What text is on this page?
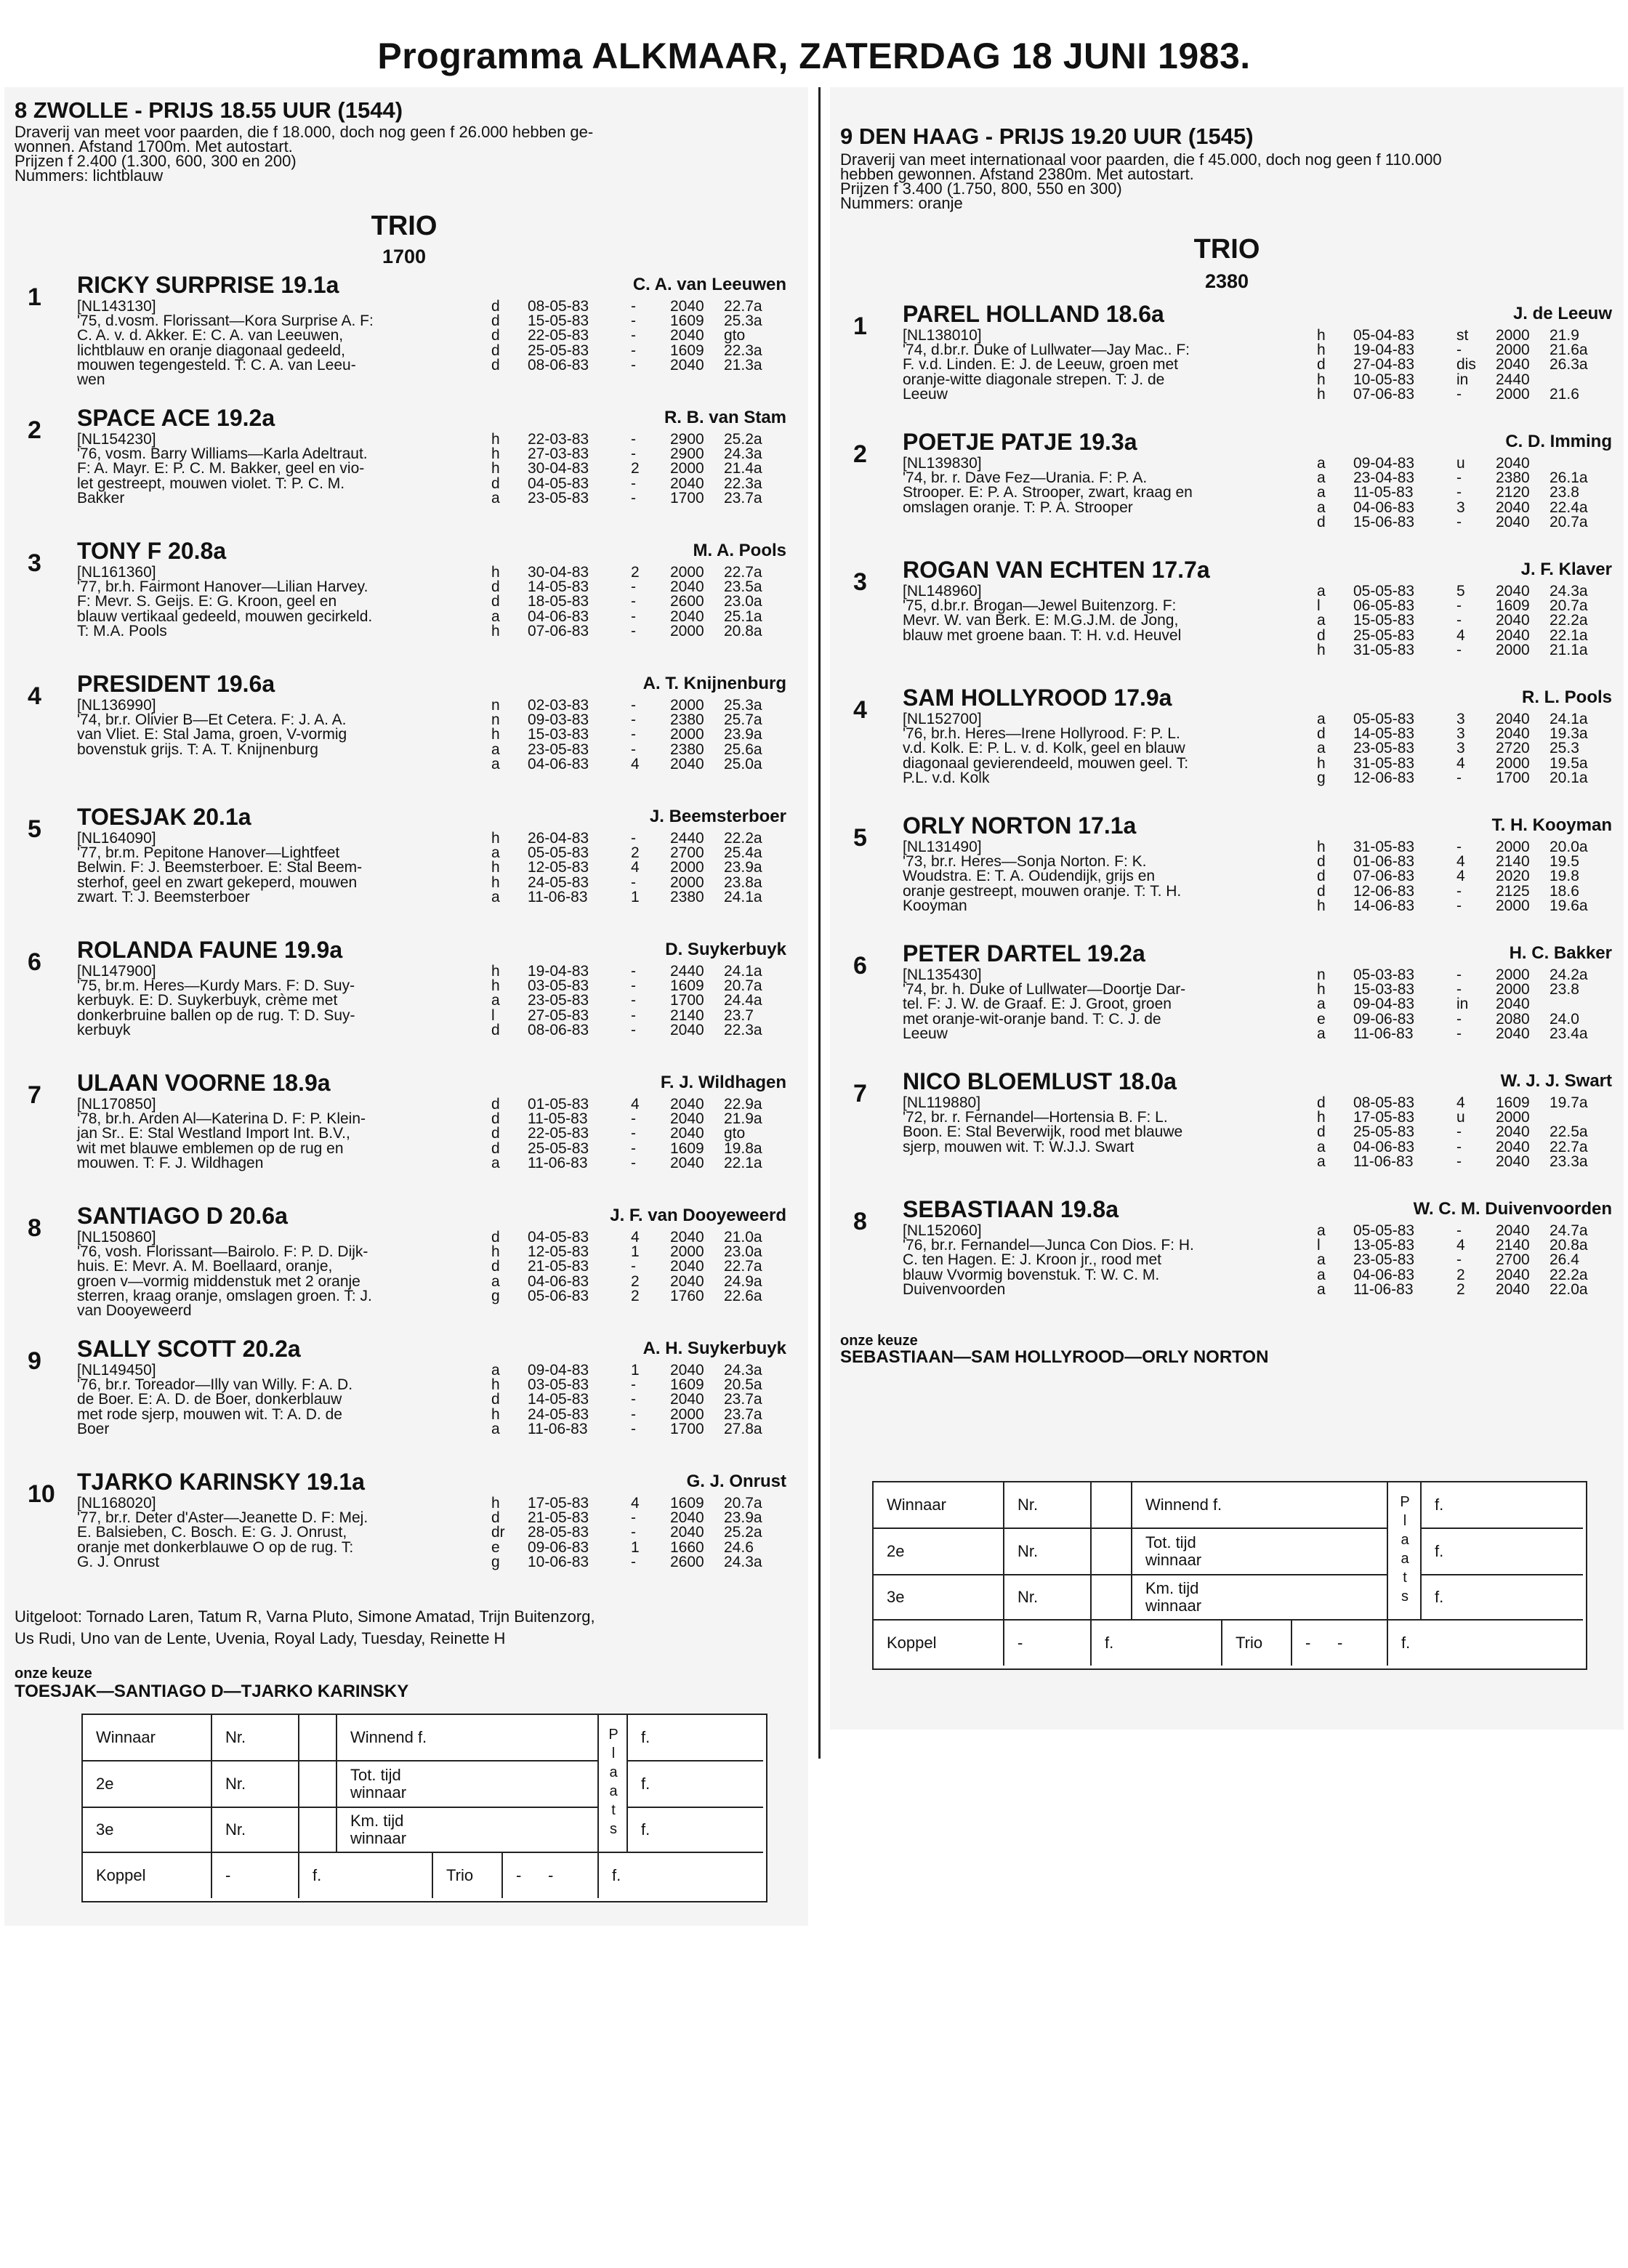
Programma ALKMAAR, ZATERDAG 18 JUNI 1983.
8 ZWOLLE - PRIJS 18.55 UUR (1544)
Draverij van meet voor paarden, die f 18.000, doch nog geen f 26.000 hebben ge-
wonnen. Afstand 1700m. Met autostart.
Prijzen f 2.400 (1.300, 600, 300 en 200)
Nummers: lichtblauw
TRIO
1700
1 RICKY SURPRISE 19.1a	C. A. van Leeuwen
[NL143130]
'75, d.vosm. Florissant—Kora Surprise A. F:
C. A. v. d. Akker. E: C. A. van Leeuwen,
lichtblauw en oranje diagonaal gedeeld,
mouwen tegengesteld. T: C. A. van Leeu-
wen
d 08-05-83	- 2040 22.7a
d 15-05-83	- 1609 25.3a
d 22-05-83	- 2040 gto
d 25-05-83	- 1609 22.3a
d 08-06-83	- 2040 21.3a
2 SPACE ACE 19.2a	R. B. van Stam
[NL154230]
'76, vosm. Barry Williams—Karla Adeltraut.
F: A. Mayr. E: P. C. M. Bakker, geel en vio-
let gestreept, mouwen violet. T: P. C. M.
Bakker
h 22-03-83	- 2900 25.2a
h 27-03-83	- 2900 24.3a
h 30-04-83	2 2000 21.4a
d 04-05-83	- 2040 22.3a
a 23-05-83	- 1700 23.7a
3 TONY F 20.8a	M. A. Pools
[NL161360]
'77, br.h. Fairmont Hanover—Lilian Harvey.
F: Mevr. S. Geijs. E: G. Kroon, geel en
blauw vertikaal gedeeld, mouwen gecirkeld.
T: M.A. Pools
h 30-04-83	2 2000 22.7a
d 14-05-83	- 2040 23.5a
d 18-05-83	- 2600 23.0a
a 04-06-83	- 2040 25.1a
h 07-06-83	- 2000 20.8a
4 PRESIDENT 19.6a	A. T. Knijnenburg
[NL136990]
'74, br.r. Olivier B—Et Cetera. F: J. A. A.
van Vliet. E: Stal Jama, groen, V-vormig
bovenstuk grijs. T: A. T. Knijnenburg
n 02-03-83	- 2000 25.3a
n 09-03-83	- 2380 25.7a
h 15-03-83	- 2000 23.9a
a 23-05-83	- 2380 25.6a
a 04-06-83	4 2040 25.0a
5 TOESJAK 20.1a	J. Beemsterboer
[NL164090]
'77, br.m. Pepitone Hanover—Lightfeet
Belwin. F: J. Beemsterboer. E: Stal Beem-
sterhof, geel en zwart gekeperd, mouwen
zwart. T: J. Beemsterboer
h 26-04-83	- 2440 22.2a
a 05-05-83	2 2700 25.4a
h 12-05-83	4 2000 23.9a
h 24-05-83	- 2000 23.8a
a 11-06-83	1 2380 24.1a
6 ROLANDA FAUNE 19.9a	D. Suykerbuyk
[NL147900]
'75, br.m. Heres—Kurdy Mars. F: D. Suy-
kerbuyk. E: D. Suykerbuyk, crème met
donkerbruine ballen op de rug. T: D. Suy-
kerbuyk
h 19-04-83	- 2440 24.1a
h 03-05-83	- 1609 20.7a
a 23-05-83	- 1700 24.4a
l 27-05-83	- 2140 23.7
d 08-06-83	- 2040 22.3a
7 ULAAN VOORNE 18.9a	F. J. Wildhagen
[NL170850]
'78, br.h. Arden Al—Katerina D. F: P. Klein-
jan Sr.. E: Stal Westland Import Int. B.V.,
wit met blauwe emblemen op de rug en
mouwen. T: F. J. Wildhagen
d 01-05-83	4 2040 22.9a
d 11-05-83	- 2040 21.9a
d 22-05-83	- 2040 gto
d 25-05-83	- 1609 19.8a
a 11-06-83	- 2040 22.1a
8 SANTIAGO D 20.6a	J. F. van Dooyeweerd
[NL150860]
'76, vosh. Florissant—Bairolo. F: P. D. Dijk-
huis. E: Mevr. A. M. Boellaard, oranje,
groen v—vormig middenstuk met 2 oranje
sterren, kraag oranje, omslagen groen. T: J.
van Dooyeweerd
d 04-05-83	4 2040 21.0a
h 12-05-83	1 2000 23.0a
d 21-05-83	- 2040 22.7a
a 04-06-83	2 2040 24.9a
g 05-06-83	2 1760 22.6a
9 SALLY SCOTT 20.2a	A. H. Suykerbuyk
[NL149450]
'76, br.r. Toreador—Illy van Willy. F: A. D.
de Boer. E: A. D. de Boer, donkerblauw
met rode sjerp, mouwen wit. T: A. D. de
Boer
a 09-04-83	1 2040 24.3a
h 03-05-83	- 1609 20.5a
d 14-05-83	- 2040 23.7a
h 24-05-83	- 2000 23.7a
a 11-06-83	- 1700 27.8a
10 TJARKO KARINSKY 19.1a	G. J. Onrust
[NL168020]
'77, br.r. Deter d'Aster—Jeanette D. F: Mej.
E. Balsieben, C. Bosch. E: G. J. Onrust,
oranje met donkerblauwe O op de rug. T:
G. J. Onrust
h 17-05-83	4 1609 20.7a
d 21-05-83	- 2040 23.9a
dr 28-05-83	- 2040 25.2a
e 09-06-83	1 1660 24.6
g 10-06-83	- 2600 24.3a
Uitgeloot: Tornado Laren, Tatum R, Varna Pluto, Simone Amatad, Trijn Buitenzorg,
Us Rudi, Uno van de Lente, Uvenia, Royal Lady, Tuesday, Reinette H
onze keuze
TOESJAK—SANTIAGO D—TJARKO KARINSKY
Winnaar	Nr.	Winnend f.	f.
2e	Nr.	Tot. tijd
winnaar	f.
3e	Nr.	Km. tijd
winnaar	f.
Koppel	-	f.	Trio	-      -	f.
P
l
a
a
t
s
9 DEN HAAG - PRIJS 19.20 UUR (1545)
Draverij van meet internationaal voor paarden, die f 45.000, doch nog geen f 110.000
hebben gewonnen. Afstand 2380m. Met autostart.
Prijzen f 3.400 (1.750, 800, 550 en 300)
Nummers: oranje
TRIO
2380
1 PAREL HOLLAND 18.6a	J. de Leeuw
[NL138010]
'74, d.br.r. Duke of Lullwater—Jay Mac.. F:
F. v.d. Linden. E: J. de Leeuw, groen met
oranje-witte diagonale strepen. T: J. de
Leeuw
h 05-04-83	st 2000 21.9
h 19-04-83	- 2000 21.6a
d 27-04-83	dis 2040 26.3a
h 10-05-83	in 2440
h 07-06-83	- 2000 21.6
2 POETJE PATJE 19.3a	C. D. Imming
[NL139830]
'74, br. r. Dave Fez—Urania. F: P. A.
Strooper. E: P. A. Strooper, zwart, kraag en
omslagen oranje. T: P. A. Strooper
a 09-04-83	u 2040
a 23-04-83	- 2380 26.1a
a 11-05-83	- 2120 23.8
a 04-06-83	3 2040 22.4a
d 15-06-83	- 2040 20.7a
3 ROGAN VAN ECHTEN 17.7a	J. F. Klaver
[NL148960]
'75, d.br.r. Brogan—Jewel Buitenzorg. F:
Mevr. W. van Berk. E: M.G.J.M. de Jong,
blauw met groene baan. T: H. v.d. Heuvel
a 05-05-83	5 2040 24.3a
l 06-05-83	- 1609 20.7a
a 15-05-83	- 2040 22.2a
d 25-05-83	4 2040 22.1a
h 31-05-83	- 2000 21.1a
4 SAM HOLLYROOD 17.9a	R. L. Pools
[NL152700]
'76, br.h. Heres—Irene Hollyrood. F: P. L.
v.d. Kolk. E: P. L. v. d. Kolk, geel en blauw
diagonaal gevierendeeld, mouwen geel. T:
P.L. v.d. Kolk
a 05-05-83	3 2040 24.1a
d 14-05-83	3 2040 19.3a
a 23-05-83	3 2720 25.3
h 31-05-83	4 2000 19.5a
g 12-06-83	- 1700 20.1a
5 ORLY NORTON 17.1a	T. H. Kooyman
[NL131490]
'73, br.r. Heres—Sonja Norton. F: K.
Woudstra. E: T. A. Oudendijk, grijs en
oranje gestreept, mouwen oranje. T: T. H.
Kooyman
h 31-05-83	- 2000 20.0a
d 01-06-83	4 2140 19.5
d 07-06-83	4 2020 19.8
d 12-06-83	- 2125 18.6
h 14-06-83	- 2000 19.6a
6 PETER DARTEL 19.2a	H. C. Bakker
[NL135430]
'74, br. h. Duke of Lullwater—Doortje Dar-
tel. F: J. W. de Graaf. E: J. Groot, groen
met oranje-wit-oranje band. T: C. J. de
Leeuw
n 05-03-83	- 2000 24.2a
h 15-03-83	- 2000 23.8
a 09-04-83	in 2040
e 09-06-83	- 2080 24.0
a 11-06-83	- 2040 23.4a
7 NICO BLOEMLUST 18.0a	W. J. J. Swart
[NL119880]
'72, br. r. Fernandel—Hortensia B. F: L.
Boon. E: Stal Beverwijk, rood met blauwe
sjerp, mouwen wit. T: W.J.J. Swart
d 08-05-83	4 1609 19.7a
h 17-05-83	u 2000
d 25-05-83	- 2040 22.5a
a 04-06-83	- 2040 22.7a
a 11-06-83	- 2040 23.3a
8 SEBASTIAAN 19.8a	W. C. M. Duivenvoorden
[NL152060]
'76, br.r. Fernandel—Junca Con Dios. F: H.
C. ten Hagen. E: J. Kroon jr., rood met
blauw Vvormig bovenstuk. T: W. C. M.
Duivenvoorden
a 05-05-83	- 2040 24.7a
l 13-05-83	4 2140 20.8a
a 23-05-83	- 2700 26.4
a 04-06-83	2 2040 22.2a
a 11-06-83	2 2040 22.0a
onze keuze
SEBASTIAAN—SAM HOLLYROOD—ORLY NORTON
Winnaar	Nr.	Winnend f.	f.
2e	Nr.	Tot. tijd
winnaar	f.
3e	Nr.	Km. tijd
winnaar	f.
Koppel	-	f.	Trio	-      -	f.
P
l
a
a
t
s
